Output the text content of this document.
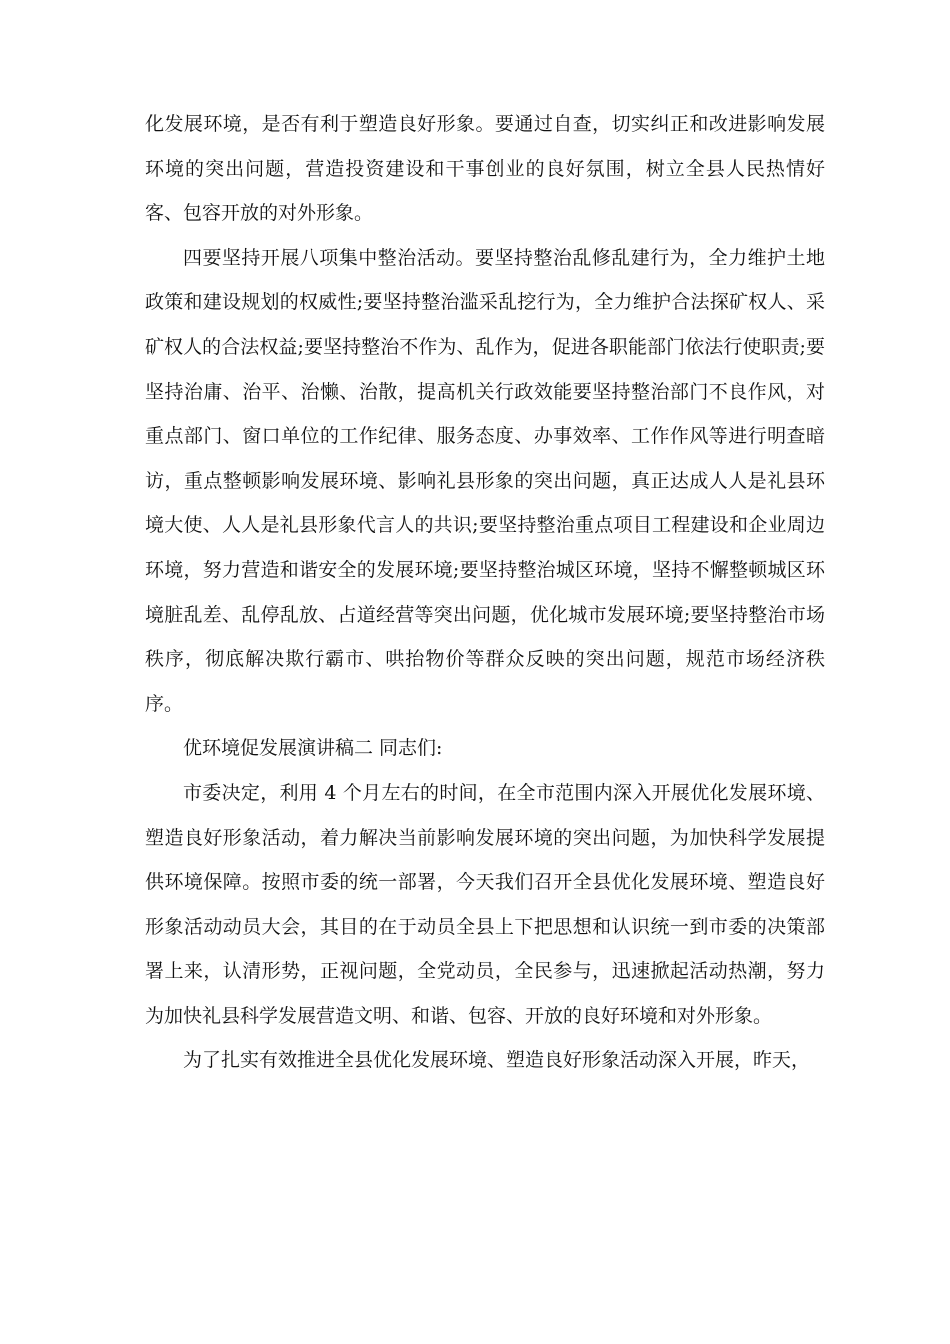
化发展环境，是否有利于塑造良好形象。要通过自查，切实纠正和改进影响发展环境的突出问题，营造投资建设和干事创业的良好氛围，树立全县人民热情好客、包容开放的对外形象。

四要坚持开展八项集中整治活动。要坚持整治乱修乱建行为，全力维护土地政策和建设规划的权威性;要坚持整治滥采乱挖行为，全力维护合法探矿权人、采矿权人的合法权益;要坚持整治不作为、乱作为，促进各职能部门依法行使职责;要坚持治庸、治平、治懒、治散，提高机关行政效能要坚持整治部门不良作风，对重点部门、窗口单位的工作纪律、服务态度、办事效率、工作作风等进行明查暗访，重点整顿影响发展环境、影响礼县形象的突出问题，真正达成人人是礼县环境大使、人人是礼县形象代言人的共识;要坚持整治重点项目工程建设和企业周边环境，努力营造和谐安全的发展环境;要坚持整治城区环境，坚持不懈整顿城区环境脏乱差、乱停乱放、占道经营等突出问题，优化城市发展环境;要坚持整治市场秩序，彻底解决欺行霸市、哄抬物价等群众反映的突出问题，规范市场经济秩序。

优环境促发展演讲稿二 同志们:

市委决定，利用 4 个月左右的时间，在全市范围内深入开展优化发展环境、塑造良好形象活动，着力解决当前影响发展环境的突出问题，为加快科学发展提供环境保障。按照市委的统一部署，今天我们召开全县优化发展环境、塑造良好形象活动动员大会，其目的在于动员全县上下把思想和认识统一到市委的决策部署上来，认清形势，正视问题，全党动员，全民参与，迅速掀起活动热潮，努力为加快礼县科学发展营造文明、和谐、包容、开放的良好环境和对外形象。

为了扎实有效推进全县优化发展环境、塑造良好形象活动深入开展，昨天，
